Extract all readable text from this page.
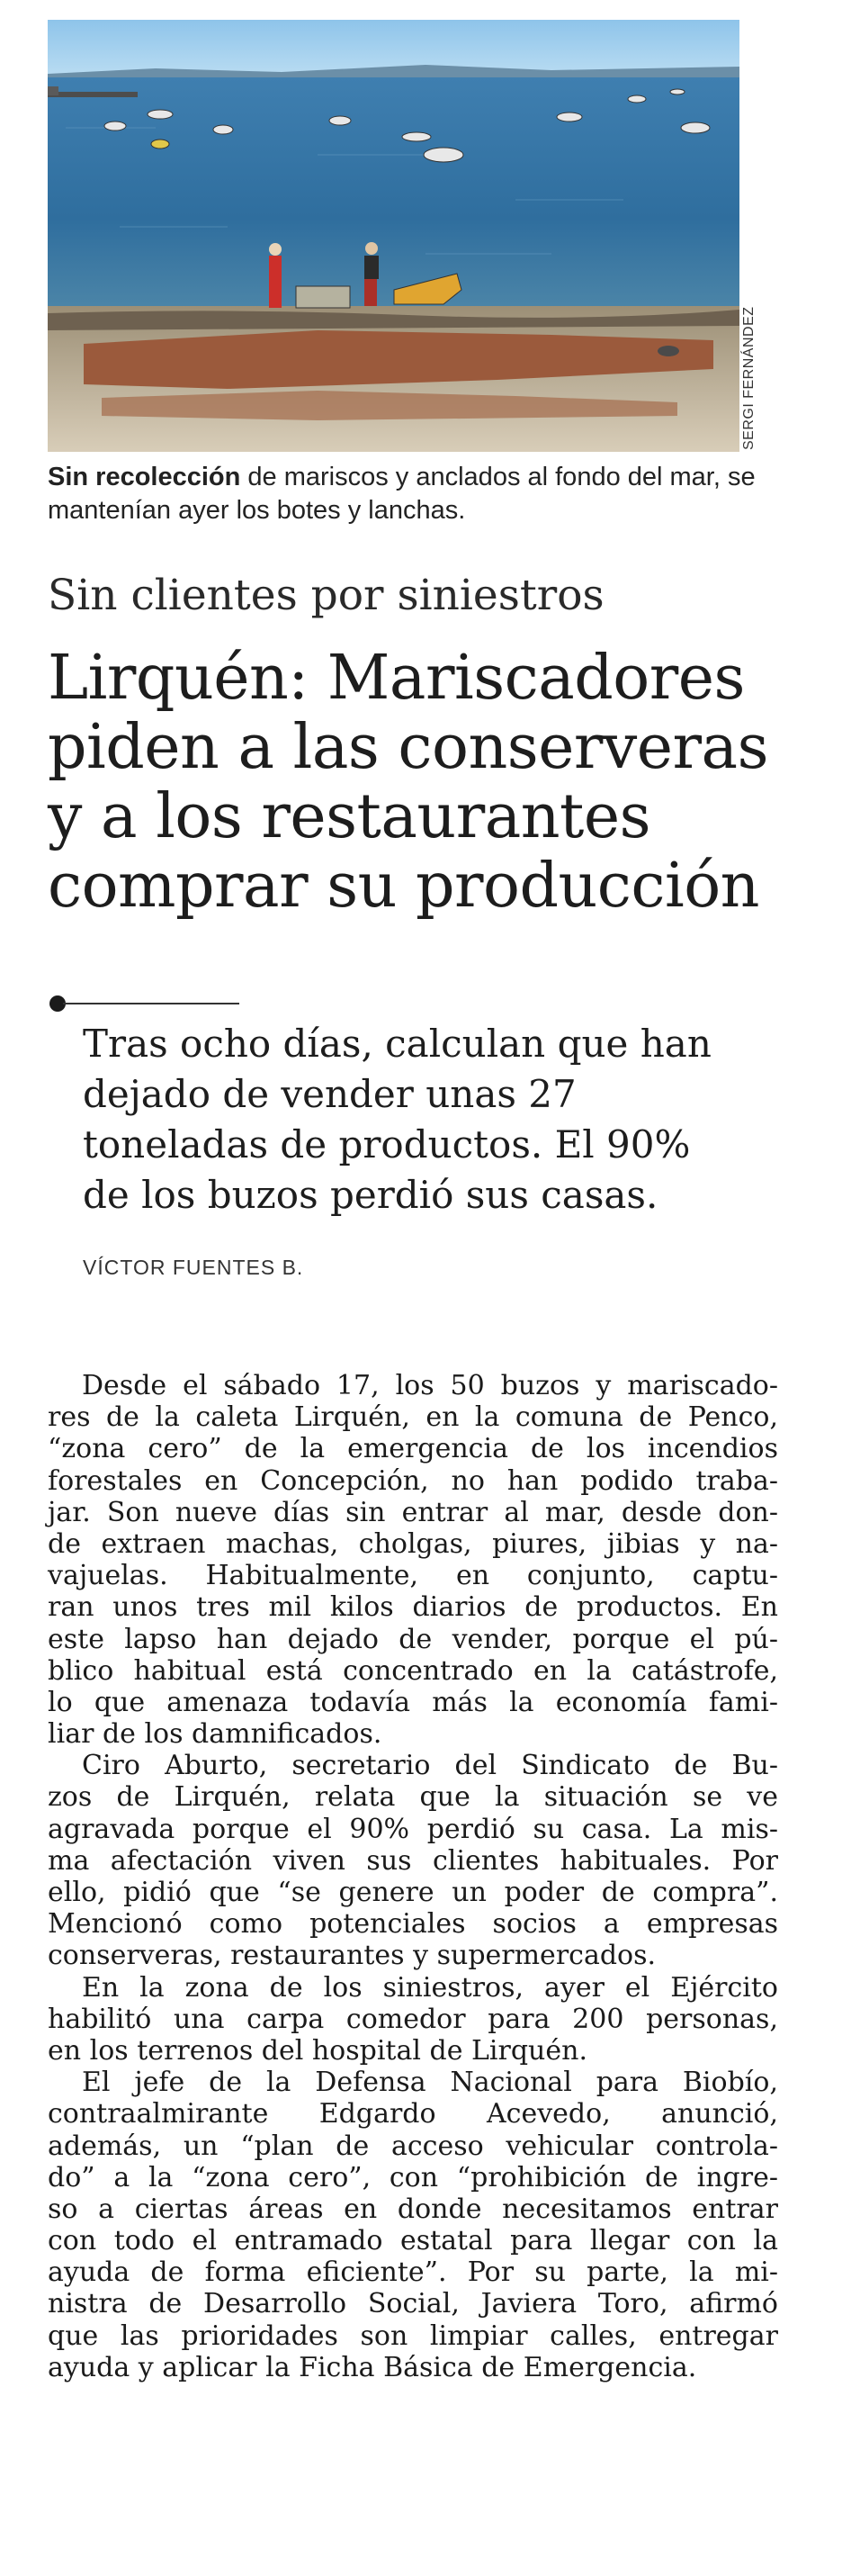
SERGI FERNÁNDEZ
Sin recolección de mariscos y anclados al fondo del mar, se mantenían ayer los botes y lanchas.
Sin clientes por siniestros
Lirquén: Mariscadores
piden a las conserveras
y a los restaurantes
comprar su producción
Tras ocho días, calculan que han
dejado de vender unas 27
toneladas de productos. El 90%
de los buzos perdió sus casas.
VÍCTOR FUENTES B.
Desde el sábado 17, los 50 buzos y mariscado-
res de la caleta Lirquén, en la comuna de Penco,
“zona cero” de la emergencia de los incendios
forestales en Concepción, no han podido traba-
jar. Son nueve días sin entrar al mar, desde don-
de extraen machas, cholgas, piures, jibias y na-
vajuelas. Habitualmente, en conjunto, captu-
ran unos tres mil kilos diarios de productos. En
este lapso han dejado de vender, porque el pú-
blico habitual está concentrado en la catástrofe,
lo que amenaza todavía más la economía fami-
liar de los damnificados.
Ciro Aburto, secretario del Sindicato de Bu-
zos de Lirquén, relata que la situación se ve
agravada porque el 90% perdió su casa. La mis-
ma afectación viven sus clientes habituales. Por
ello, pidió que “se genere un poder de compra”.
Mencionó como potenciales socios a empresas
conserveras, restaurantes y supermercados.
En la zona de los siniestros, ayer el Ejército
habilitó una carpa comedor para 200 personas,
en los terrenos del hospital de Lirquén.
El jefe de la Defensa Nacional para Biobío,
contraalmirante Edgardo Acevedo, anunció,
además, un “plan de acceso vehicular controla-
do” a la “zona cero”, con “prohibición de ingre-
so a ciertas áreas en donde necesitamos entrar
con todo el entramado estatal para llegar con la
ayuda de forma eficiente”. Por su parte, la mi-
nistra de Desarrollo Social, Javiera Toro, afirmó
que las prioridades son limpiar calles, entregar
ayuda y aplicar la Ficha Básica de Emergencia.
